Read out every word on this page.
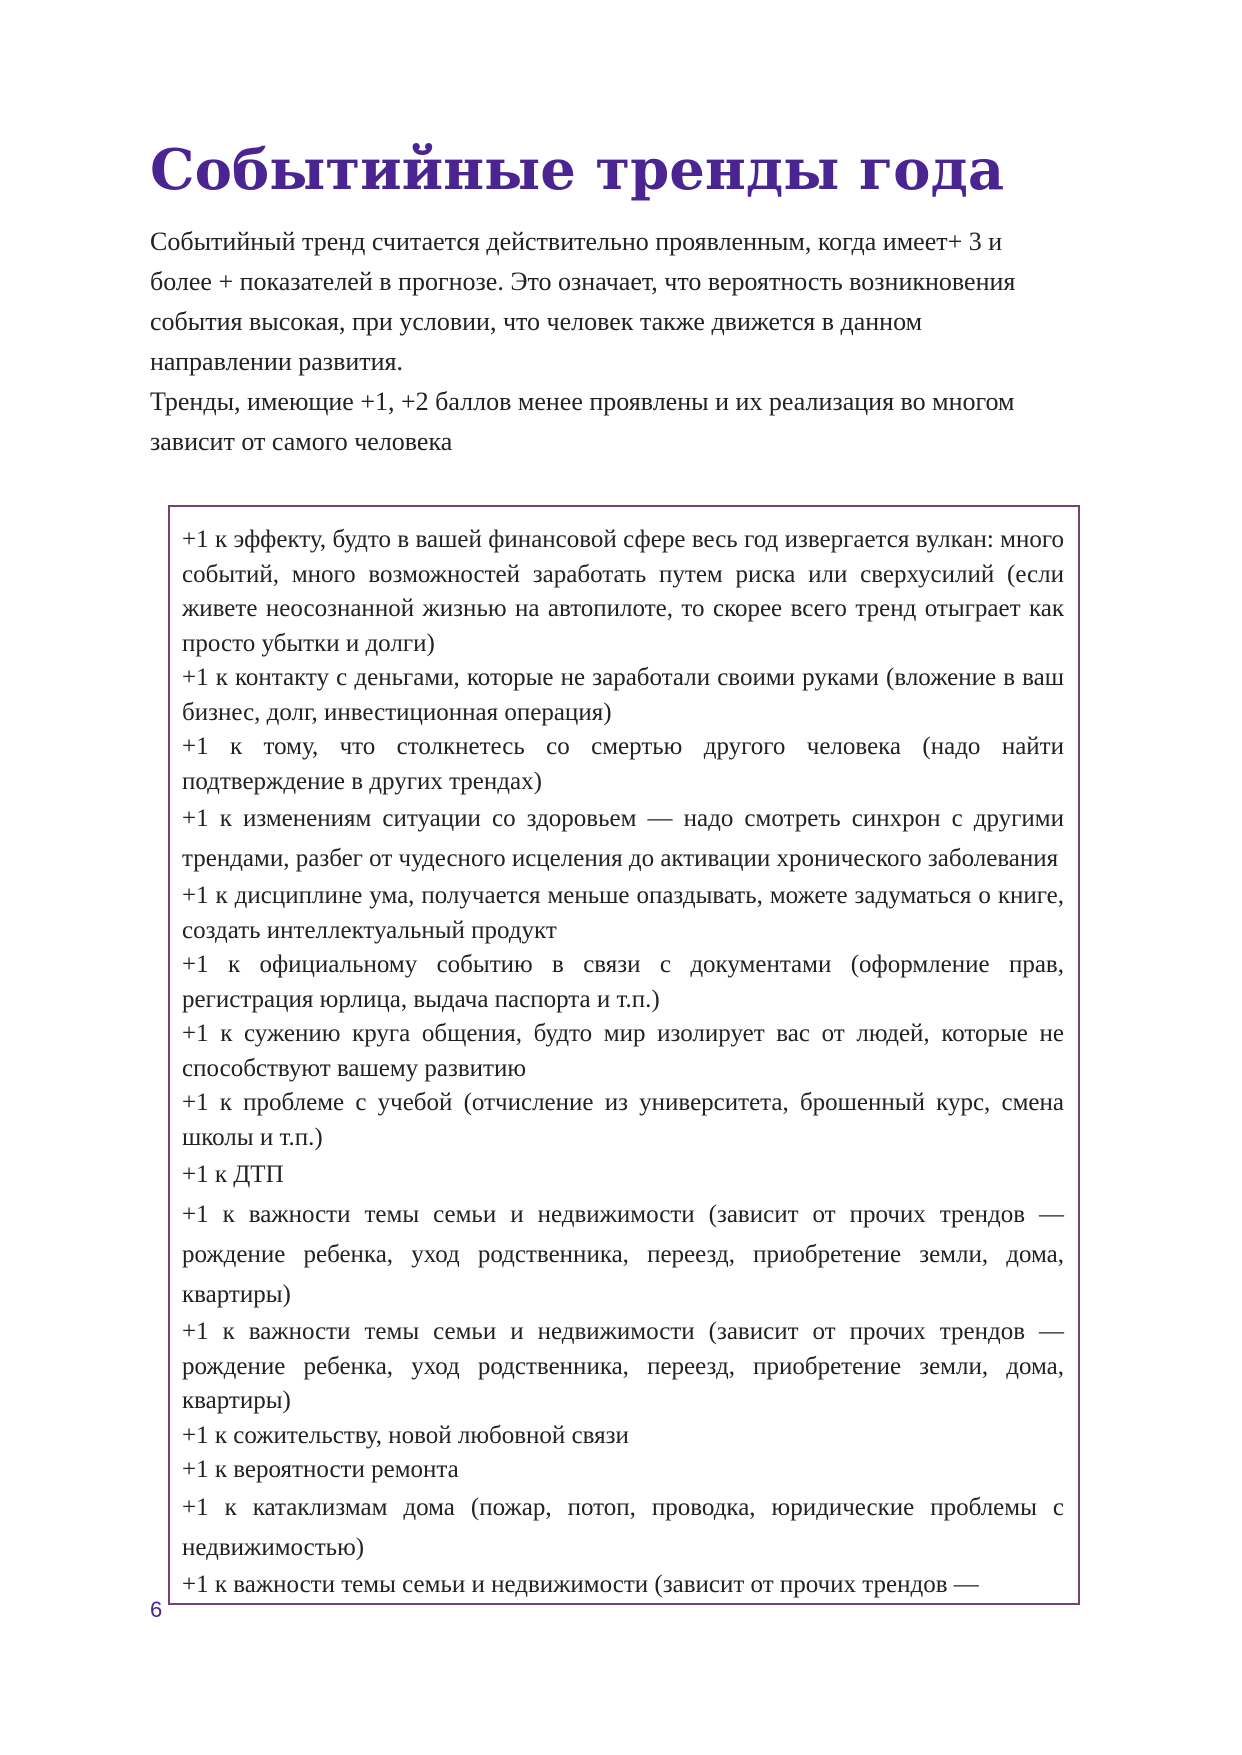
Событийные тренды года

Событийный тренд считается действительно проявленным, когда имеет+ 3 и более + показателей в прогнозе. Это означает, что вероятность возникновения события высокая, при условии, что человек также движется в данном направлении развития.

Тренды, имеющие +1, +2 баллов менее проявлены и их реализация во многом зависит от самого человека

+1 к эффекту, будто в вашей финансовой сфере весь год извергается вулкан: много событий, много возможностей заработать путем риска или сверхусилий (если живете неосознанной жизнью на автопилоте, то скорее всего тренд отыграет как просто убытки и долги)

+1 к контакту с деньгами, которые не заработали своими руками (вложение в ваш бизнес, долг, инвестиционная операция)

+1 к тому, что столкнетесь со смертью другого человека (надо найти подтверждение в других трендах)

+1 к изменениям ситуации со здоровьем — надо смотреть синхрон с другими трендами, разбег от чудесного исцеления до активации хронического заболевания

+1 к дисциплине ума, получается меньше опаздывать, можете задуматься о книге, создать интеллектуальный продукт

+1 к официальному событию в связи с документами (оформление прав, регистрация юрлица, выдача паспорта и т.п.)

+1 к сужению круга общения, будто мир изолирует вас от людей, которые не способствуют вашему развитию

+1 к проблеме с учебой (отчисление из университета, брошенный курс, смена школы и т.п.)

+1 к ДТП

+1 к важности темы семьи и недвижимости (зависит от прочих трендов — рождение ребенка, уход родственника, переезд, приобретение земли, дома, квартиры)

+1 к важности темы семьи и недвижимости (зависит от прочих трендов — рождение ребенка, уход родственника, переезд, приобретение земли, дома, квартиры)

+1 к сожительству, новой любовной связи

+1 к вероятности ремонта

+1 к катаклизмам дома (пожар, потоп, проводка, юридические проблемы с недвижимостью)

+1 к важности темы семьи и недвижимости (зависит от прочих трендов —

6
